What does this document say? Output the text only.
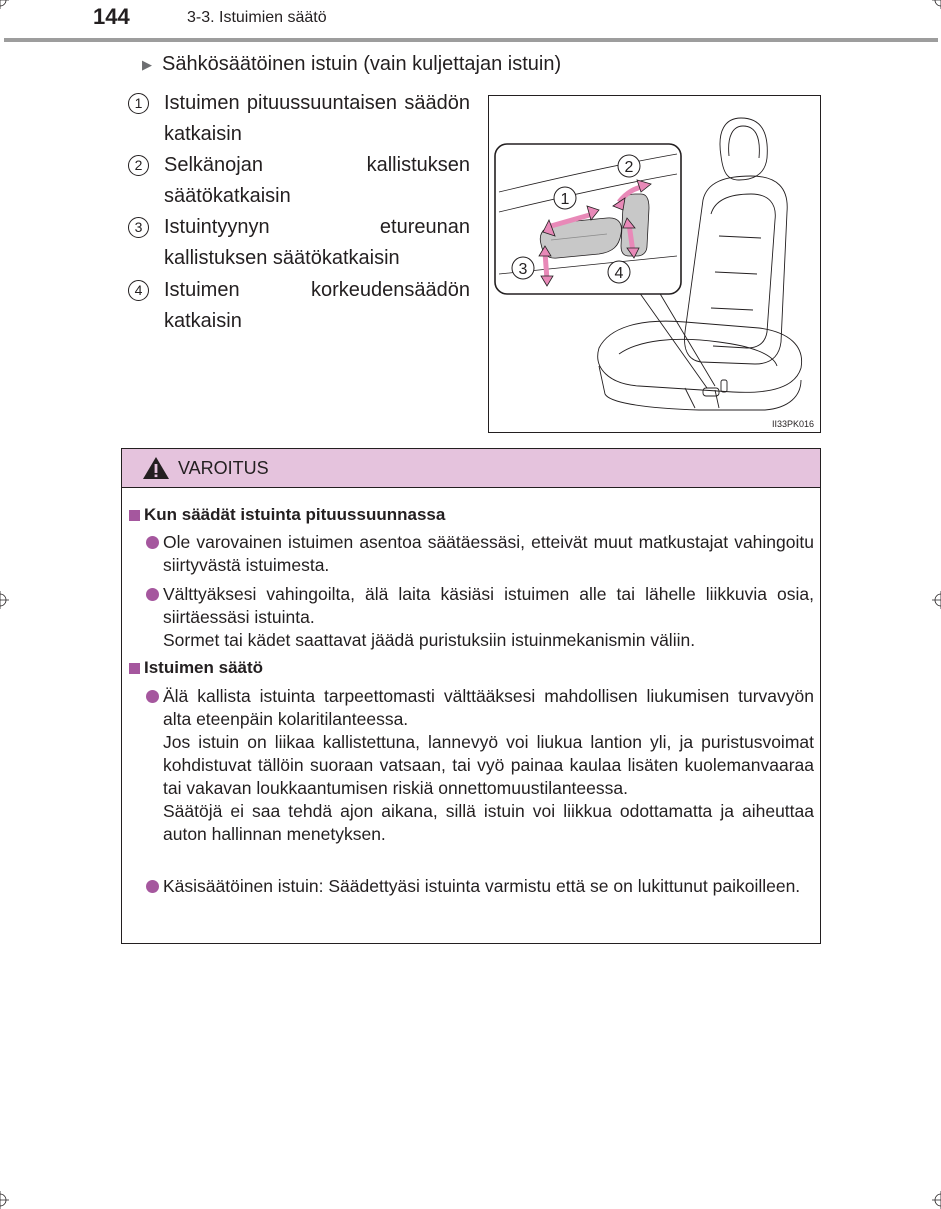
144	3-3. Istuimien säätö
▶ Sähkösäätöinen istuin (vain kuljettajan istuin)
1	Istuimen pituussuuntaisen säädön katkaisin
2	Selkänojan kallistuksen säätökatkaisin
3	Istuintyynyn etureunan kallistuksen säätökatkaisin
4	Istuimen korkeudensäädön katkaisin
1
2
3	4
II33PK016
VAROITUS
Kun säädät istuinta pituussuunnassa

Ole varovainen istuimen asentoa säätäessäsi, etteivät muut matkustajat vahingoitu siirtyvästä istuimesta.

Välttyäksesi vahingoilta, älä laita käsiäsi istuimen alle tai lähelle liikkuvia osia, siirtäessäsi istuinta.

Sormet tai kädet saattavat jäädä puristuksiin istuinmekanismin väliin.

Istuimen säätö

Älä kallista istuinta tarpeettomasti välttääksesi mahdollisen liukumisen turvavyön alta eteenpäin kolaritilanteessa.

Jos istuin on liikaa kallistettuna, lannevyö voi liukua lantion yli, ja puristusvoimat kohdistuvat tällöin suoraan vatsaan, tai vyö painaa kaulaa lisäten kuolemanvaaraa tai vakavan loukkaantumisen riskiä onnettomuustilanteessa.

Säätöjä ei saa tehdä ajon aikana, sillä istuin voi liikkua odottamatta ja aiheuttaa auton hallinnan menetyksen.

Käsisäätöinen istuin: Säädettyäsi istuinta varmistu että se on lukittunut paikoilleen.
